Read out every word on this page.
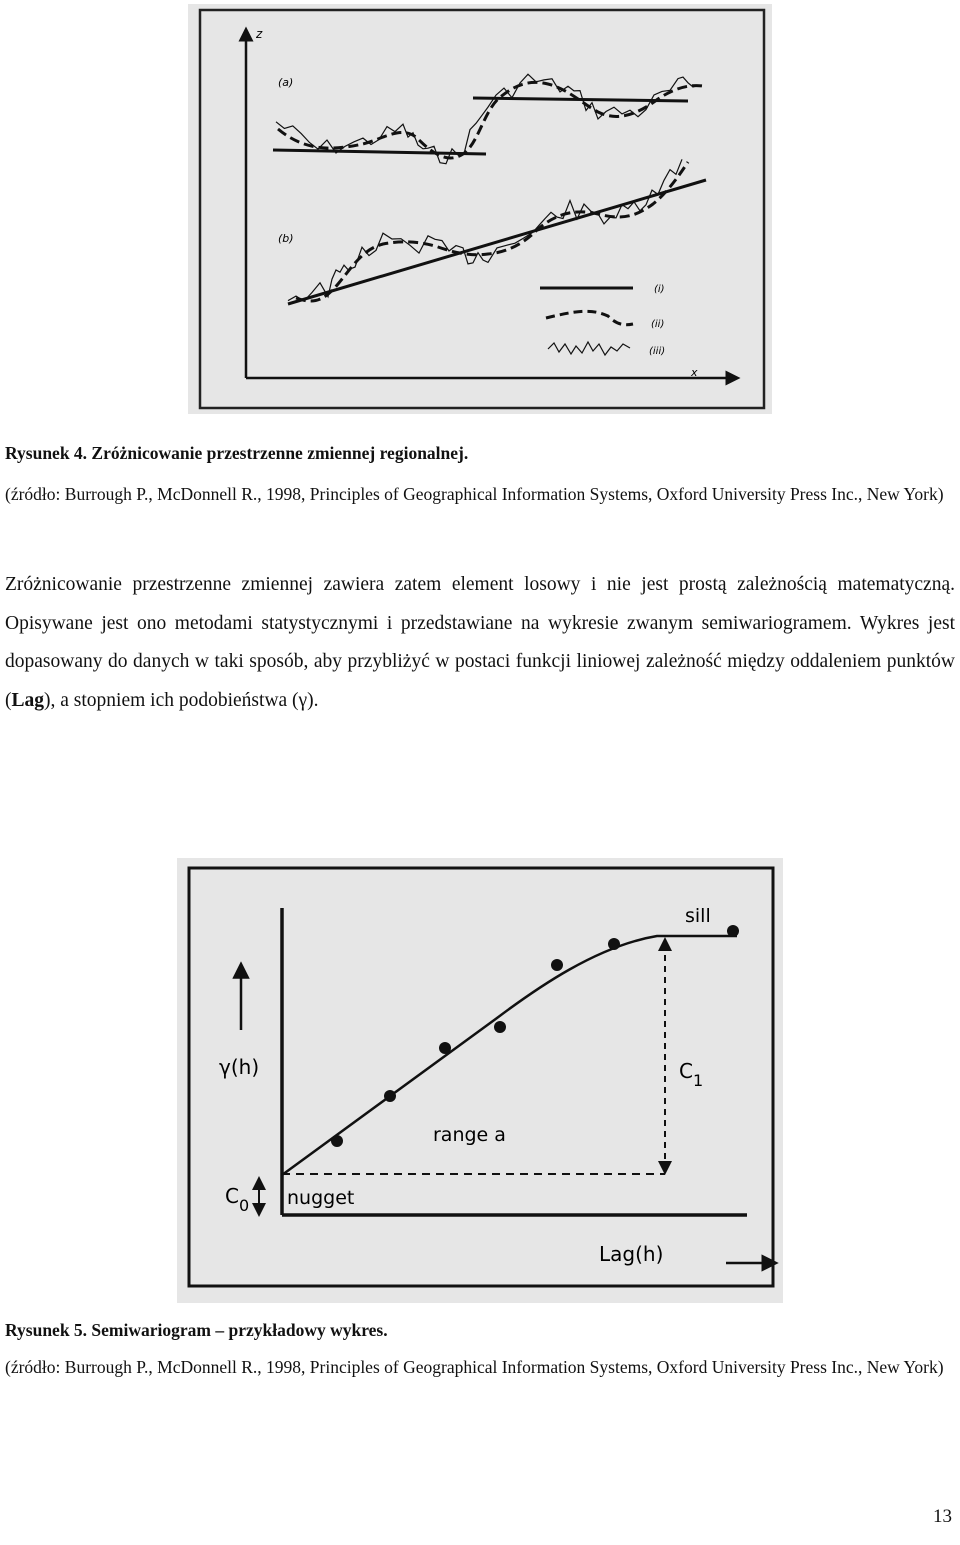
z
x
(a)
(b)
(i)
(ii)
(iii)
Rysunek 4. Zróżnicowanie przestrzenne zmiennej regionalnej.
(źródło: Burrough P., McDonnell R., 1998, Principles of Geographical Information Systems, Oxford University Press Inc., New York)
Zróżnicowanie przestrzenne zmiennej zawiera zatem element losowy i nie jest prostą zależnością matematyczną. Opisywane jest ono metodami statystycznymi i przedstawiane na wykresie zwanym semiwariogramem. Wykres jest dopasowany do danych w taki sposób, aby przybliżyć w postaci funkcji liniowej zależność między oddaleniem punktów (Lag), a stopniem ich podobieństwa (γ).
γ(h)
Lag(h)
sill
$C_1$
range a
$C_0$ nugget
Rysunek 5. Semiwariogram – przykładowy wykres.
(źródło: Burrough P., McDonnell R., 1998, Principles of Geographical Information Systems, Oxford University Press Inc., New York)
13
